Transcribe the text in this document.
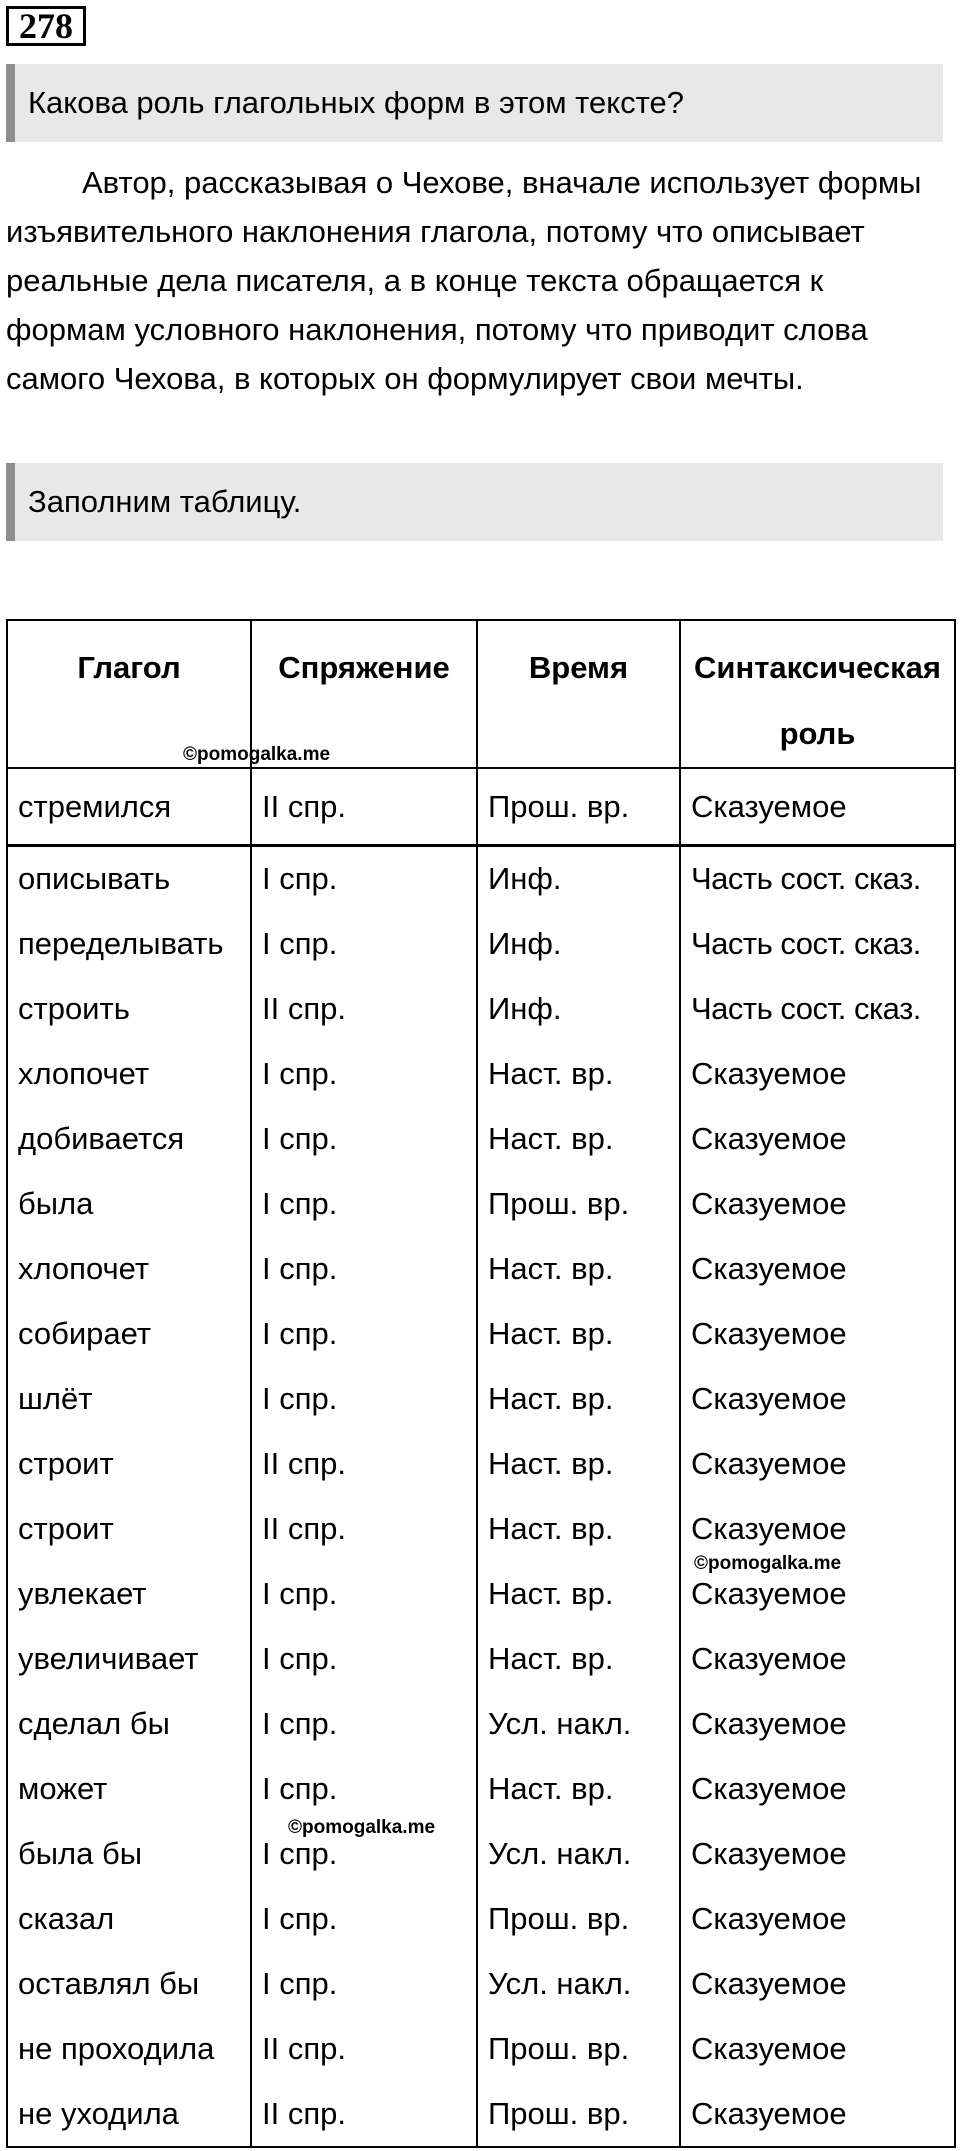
278
Какова роль глагольных форм в этом тексте?

Автор, рассказывая о Чехове, вначале использует формы изъявительного наклонения глагола, потому что описывает реальные дела писателя, а в конце текста обращается к формам условного наклонения, потому что приводит слова самого Чехова, в которых он формулирует свои мечты.

Заполним таблицу.
Глагол	Спряжение	Время	Синтаксическая роль
стремился	II спр.	Прош. вр.	Сказуемое
описывать	I спр.	Инф.	Часть сост. сказ.
переделывать	I спр.	Инф.	Часть сост. сказ.
строить	II спр.	Инф.	Часть сост. сказ.
хлопочет	I спр.	Наст. вр.	Сказуемое
добивается	I спр.	Наст. вр.	Сказуемое
была	I спр.	Прош. вр.	Сказуемое
хлопочет	I спр.	Наст. вр.	Сказуемое
собирает	I спр.	Наст. вр.	Сказуемое
шлёт	I спр.	Наст. вр.	Сказуемое
строит	II спр.	Наст. вр.	Сказуемое
строит	II спр.	Наст. вр.	Сказуемое
увлекает	I спр.	Наст. вр.	Сказуемое
увеличивает	I спр.	Наст. вр.	Сказуемое
сделал бы	I спр.	Усл. накл.	Сказуемое
может	I спр.	Наст. вр.	Сказуемое
была бы	I спр.	Усл. накл.	Сказуемое
сказал	I спр.	Прош. вр.	Сказуемое
оставлял бы	I спр.	Усл. накл.	Сказуемое
не проходила	II спр.	Прош. вр.	Сказуемое
не уходила	II спр.	Прош. вр.	Сказуемое
©pomogalka.me
©pomogalka.me
©pomogalka.me
